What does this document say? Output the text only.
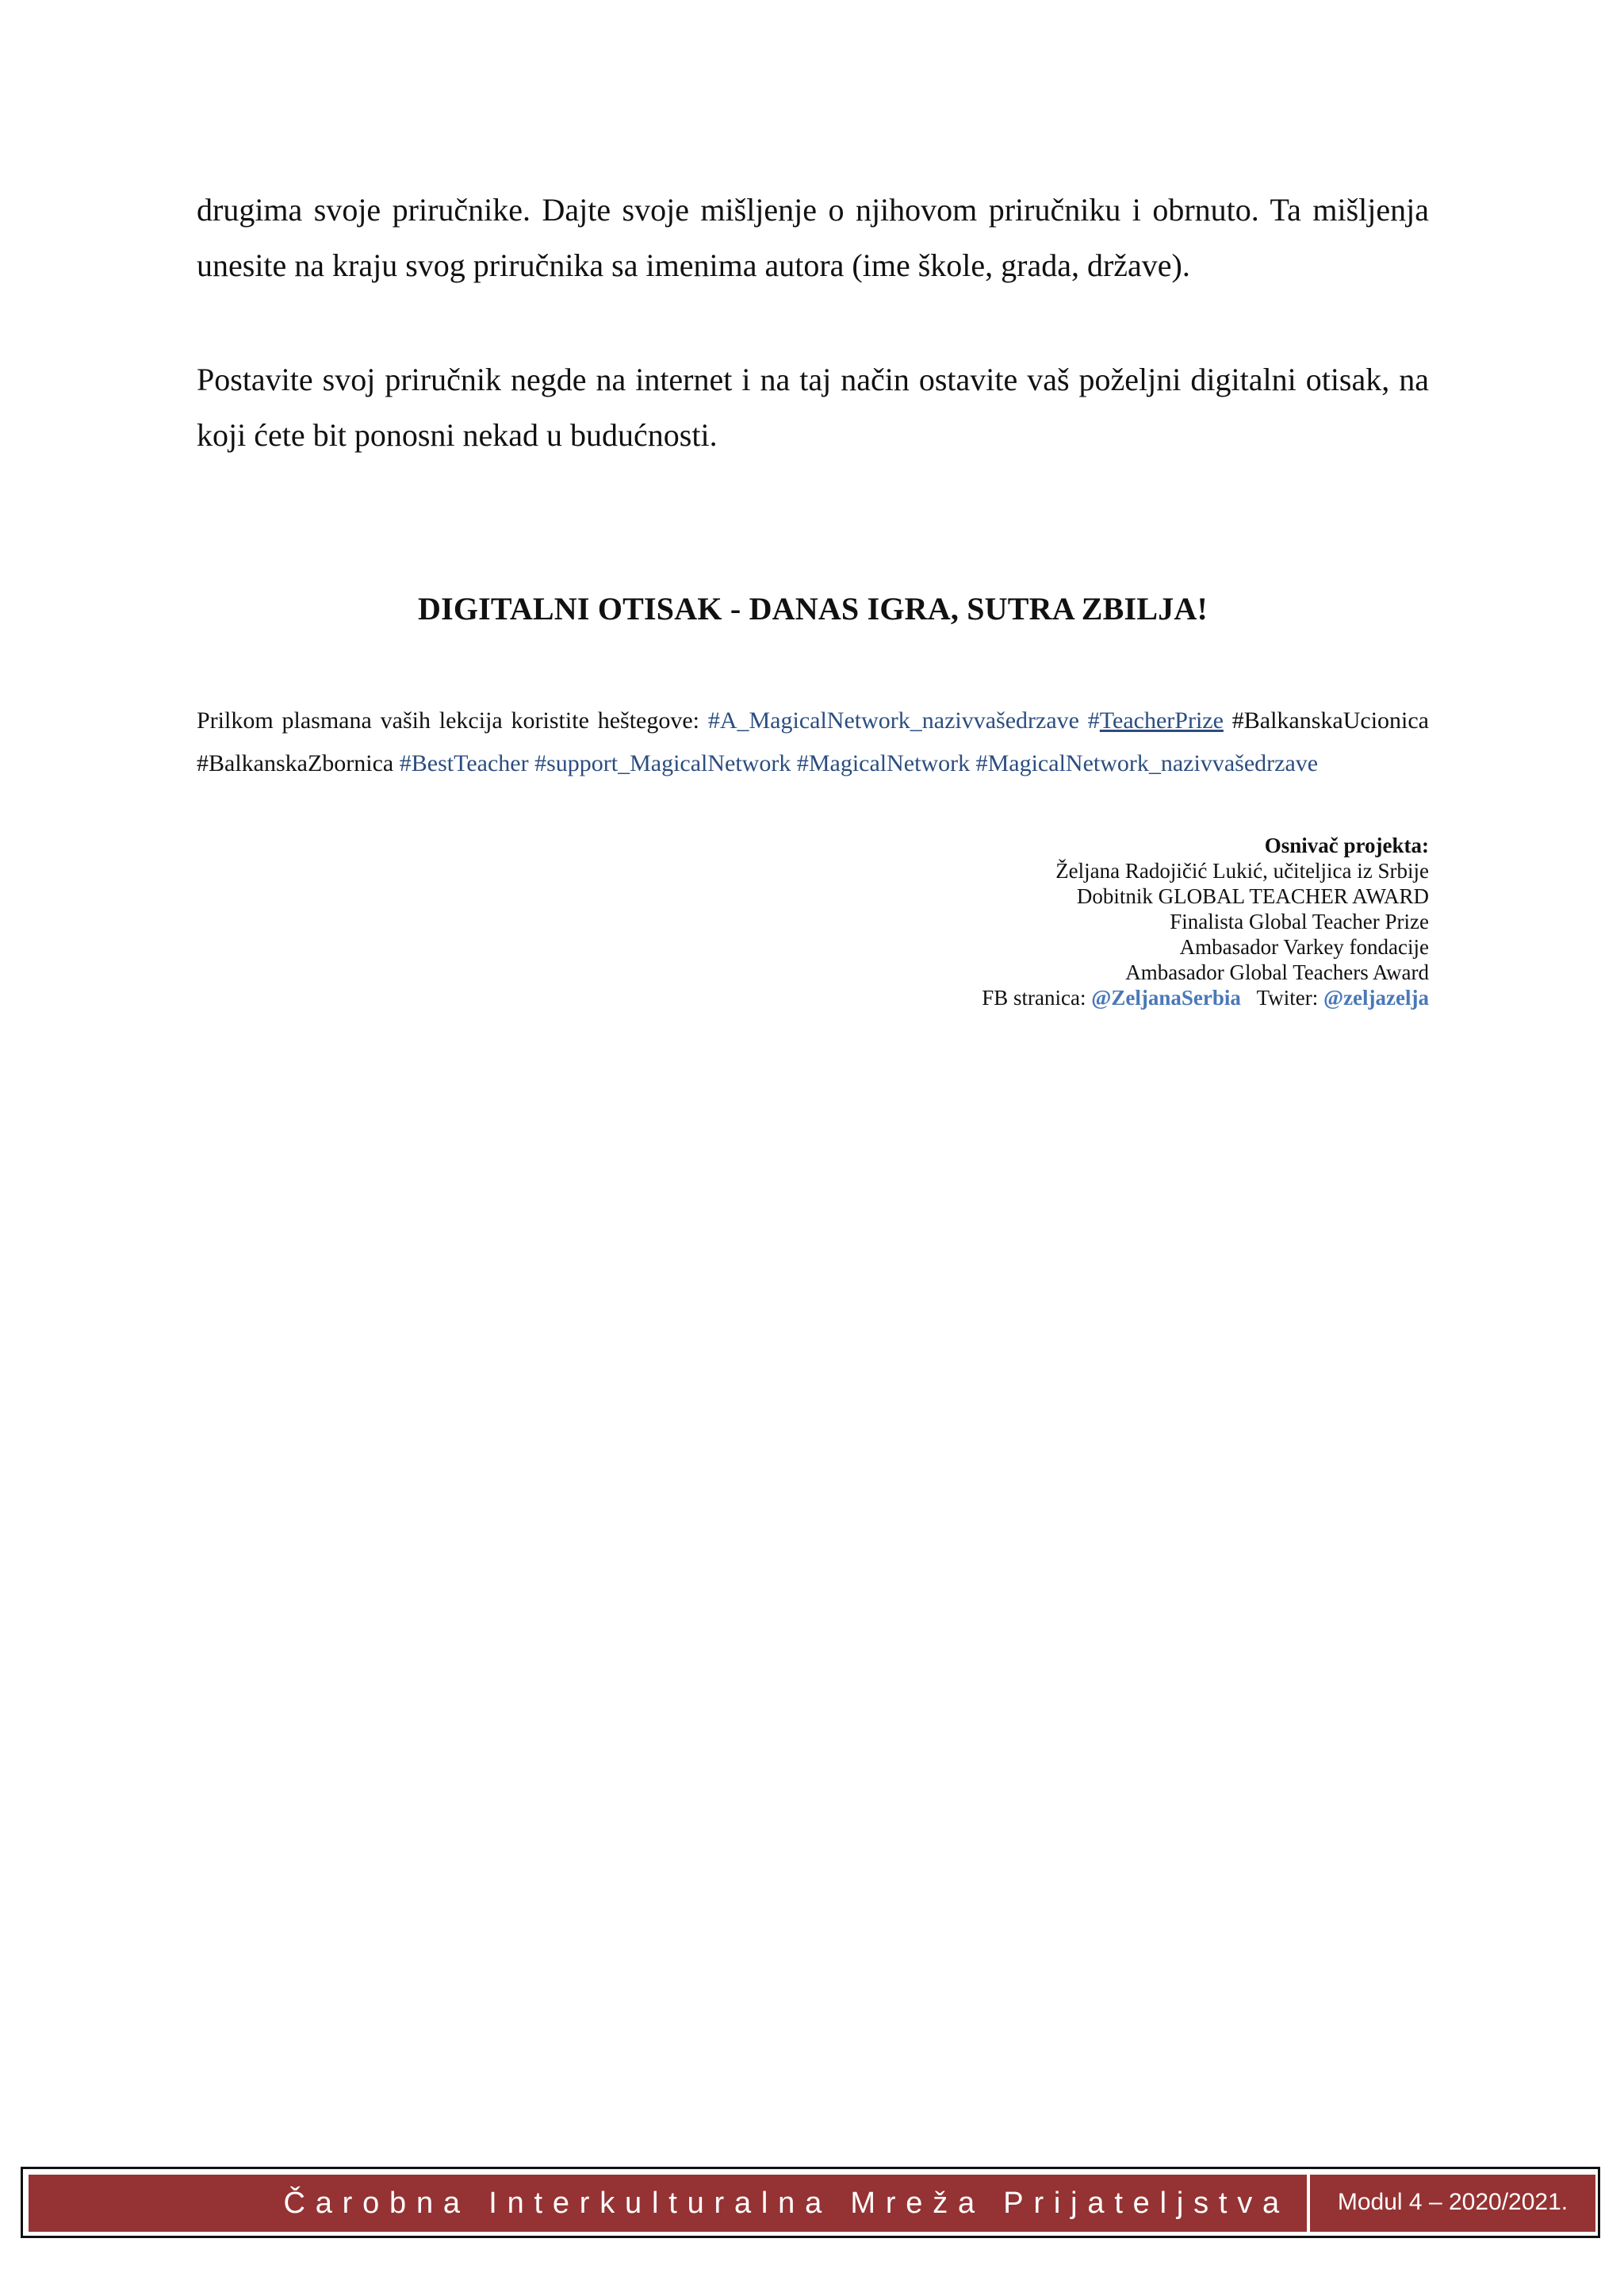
drugima svoje priručnike. Dajte svoje mišljenje o njihovom priručniku i obrnuto. Ta mišljenja unesite na kraju svog priručnika sa imenima autora (ime škole, grada, države).

Postavite svoj priručnik negde na internet i na taj način ostavite vaš poželjni digitalni otisak, na koji ćete bit ponosni nekad u budućnosti.

DIGITALNI OTISAK - DANAS IGRA, SUTRA ZBILJA!

Prilkom plasmana vaših lekcija koristite heštegove: #A_MagicalNetwork_nazivvašedrzave #TeacherPrize #BalkanskaUcionica #BalkanskaZbornica #BestTeacher #support_MagicalNetwork #MagicalNetwork #MagicalNetwork_nazivvašedrzave

Osnivač projekta:
Željana Radojičić Lukić, učiteljica iz Srbije
Dobitnik GLOBAL TEACHER AWARD
Finalista Global Teacher Prize
Ambasador Varkey fondacije
Ambasador Global Teachers Award
FB stranica: @ZeljanaSerbia Twiter: @zeljazelja
Čarobna Interkulturalna Mreža Prijateljstva Modul 4 – 2020/2021.
